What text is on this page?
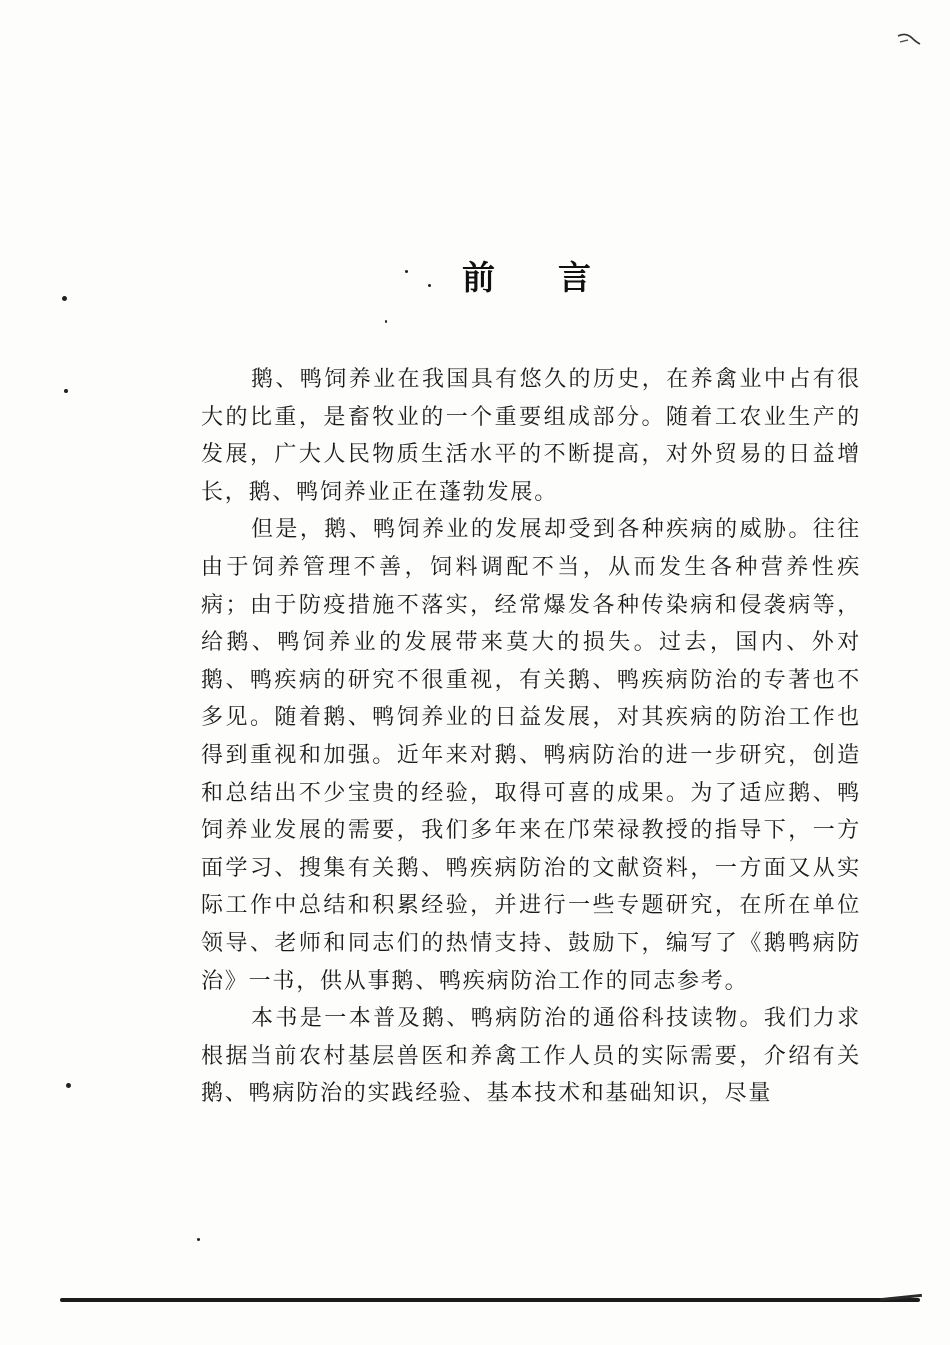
前 言

鹅、鸭饲养业在我国具有悠久的历史，在养禽业中占有很大的比重，是畜牧业的一个重要组成部分。随着工农业生产的发展，广大人民物质生活水平的不断提高，对外贸易的日益增长，鹅、鸭饲养业正在蓬勃发展。

但是，鹅、鸭饲养业的发展却受到各种疾病的威胁。往往由于饲养管理不善，饲料调配不当，从而发生各种营养性疾病；由于防疫措施不落实，经常爆发各种传染病和侵袭病等，给鹅、鸭饲养业的发展带来莫大的损失。过去，国内、外对鹅、鸭疾病的研究不很重视，有关鹅、鸭疾病防治的专著也不多见。随着鹅、鸭饲养业的日益发展，对其疾病的防治工作也得到重视和加强。近年来对鹅、鸭病防治的进一步研究，创造和总结出不少宝贵的经验，取得可喜的成果。为了适应鹅、鸭饲养业发展的需要，我们多年来在邝荣禄教授的指导下，一方面学习、搜集有关鹅、鸭疾病防治的文献资料，一方面又从实际工作中总结和积累经验，并进行一些专题研究，在所在单位领导、老师和同志们的热情支持、鼓励下，编写了《鹅鸭病防治》一书，供从事鹅、鸭疾病防治工作的同志参考。

本书是一本普及鹅、鸭病防治的通俗科技读物。我们力求根据当前农村基层兽医和养禽工作人员的实际需要，介绍有关鹅、鸭病防治的实践经验、基本技术和基础知识，尽量
